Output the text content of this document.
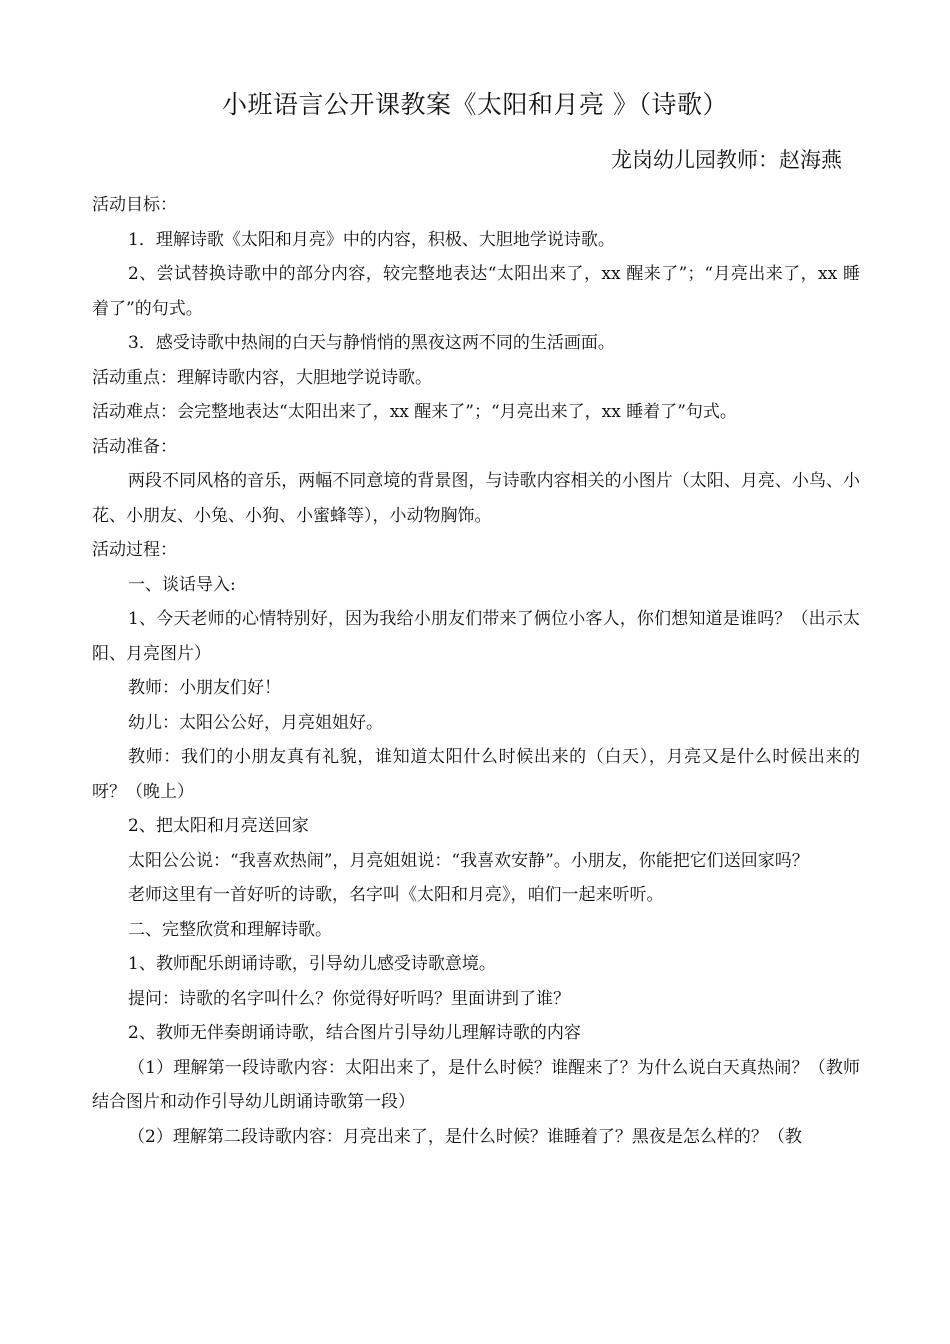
小班语言公开课教案《太阳和月亮 》（诗歌）
龙岗幼儿园教师：赵海燕

活动目标：

1．理解诗歌《太阳和月亮》中的内容，积极、大胆地学说诗歌。

2、尝试替换诗歌中的部分内容，较完整地表达“太阳出来了，xx 醒来了”；“月亮出来了，xx 睡着了”的句式。

3．感受诗歌中热闹的白天与静悄悄的黑夜这两不同的生活画面。

活动重点：理解诗歌内容，大胆地学说诗歌。

活动难点：会完整地表达“太阳出来了，xx 醒来了”；“月亮出来了，xx 睡着了”句式。

活动准备：

两段不同风格的音乐，两幅不同意境的背景图，与诗歌内容相关的小图片（太阳、月亮、小鸟、小花、小朋友、小兔、小狗、小蜜蜂等），小动物胸饰。

活动过程：

一、谈话导入:

1、今天老师的心情特别好，因为我给小朋友们带来了俩位小客人，你们想知道是谁吗？（出示太阳、月亮图片）

教师：小朋友们好！

幼儿：太阳公公好，月亮姐姐好。

教师：我们的小朋友真有礼貌，谁知道太阳什么时候出来的（白天），月亮又是什么时候出来的呀？（晚上）

2、把太阳和月亮送回家

太阳公公说：“我喜欢热闹”，月亮姐姐说：“我喜欢安静”。小朋友，你能把它们送回家吗？

老师这里有一首好听的诗歌，名字叫《太阳和月亮》，咱们一起来听听。

二、完整欣赏和理解诗歌。

1、教师配乐朗诵诗歌，引导幼儿感受诗歌意境。

提问：诗歌的名字叫什么？你觉得好听吗？里面讲到了谁？

2、教师无伴奏朗诵诗歌，结合图片引导幼儿理解诗歌的内容

（1）理解第一段诗歌内容：太阳出来了，是什么时候？谁醒来了？为什么说白天真热闹？（教师结合图片和动作引导幼儿朗诵诗歌第一段）

（2）理解第二段诗歌内容：月亮出来了，是什么时候？谁睡着了？黑夜是怎么样的？（教
